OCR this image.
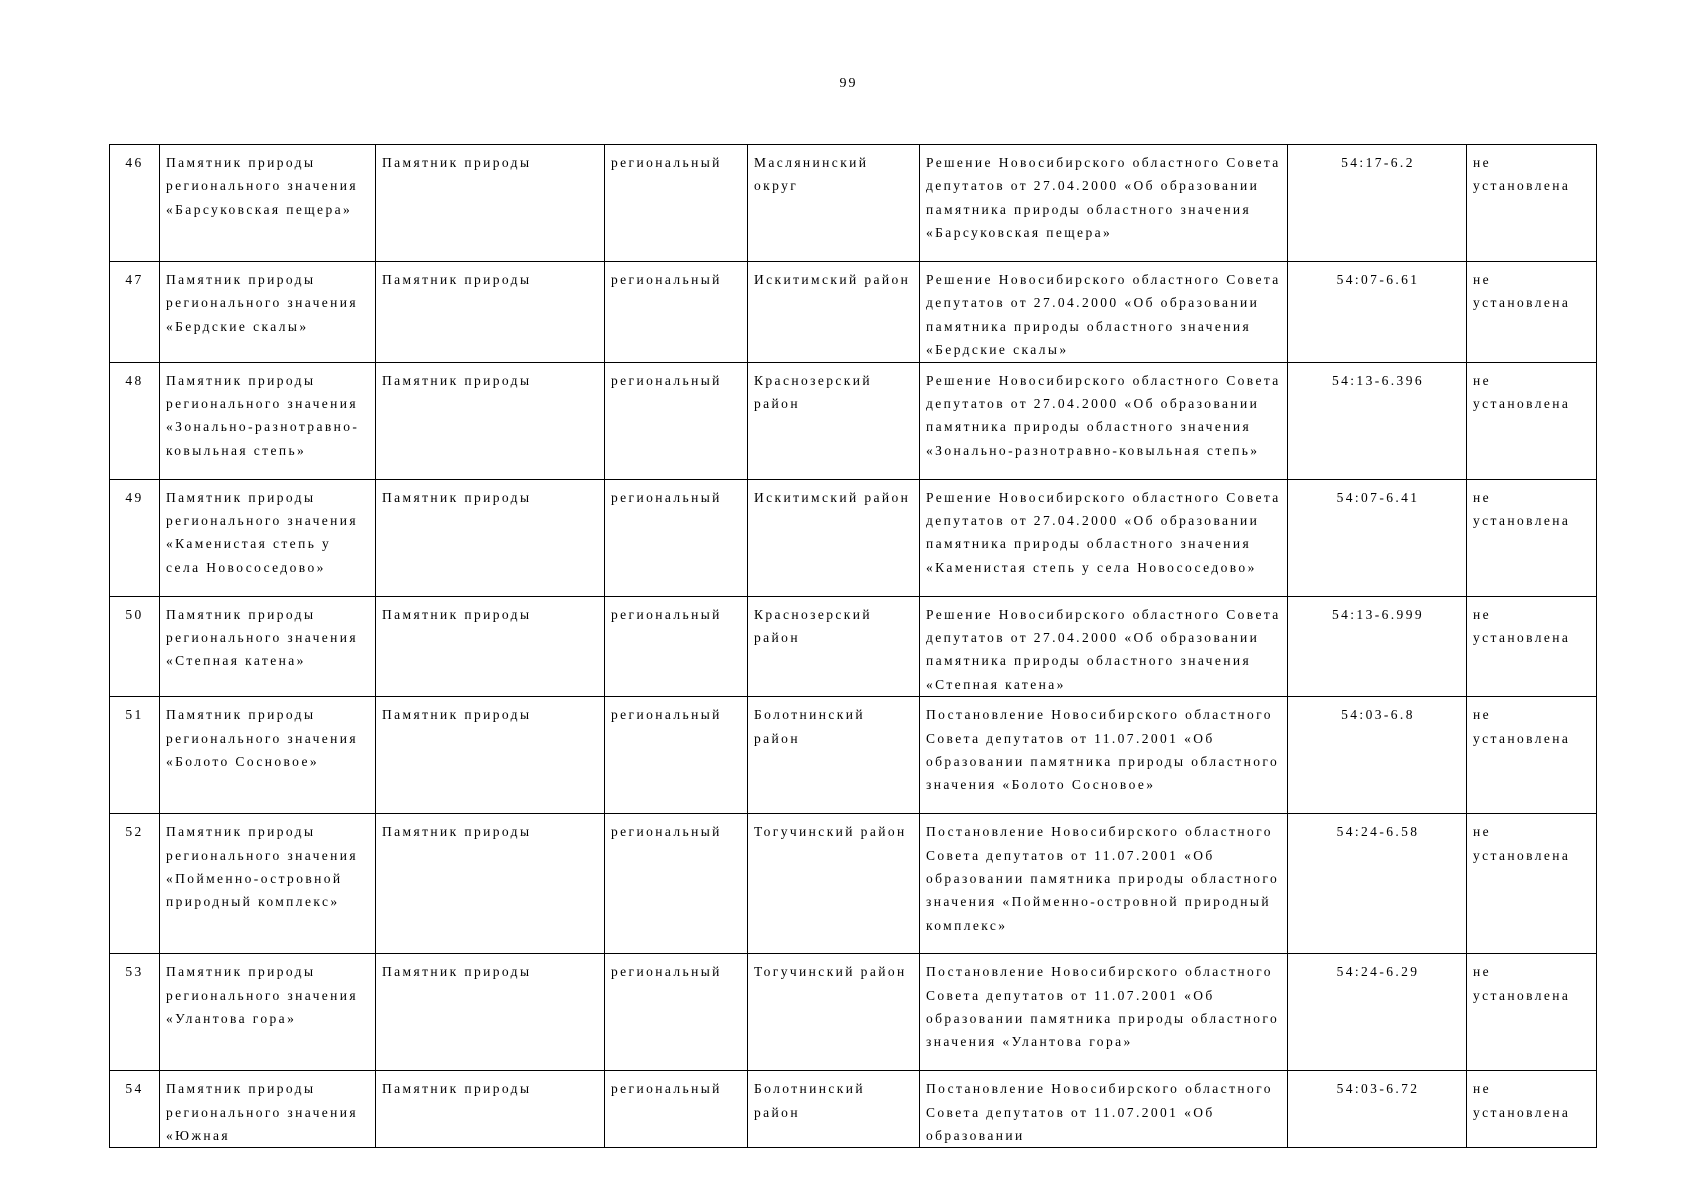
99
46	Памятник природы регионального значения «Барсуковская пещера»	Памятник природы	региональный	Маслянинский округ	Решение Новосибирского областного Совета депутатов от 27.04.2000 «Об образовании памятника природы областного значения «Барсуковская пещера»	54:17-6.2	не установлена
47	Памятник природы регионального значения «Бердские скалы»	Памятник природы	региональный	Искитимский район	Решение Новосибирского областного Совета депутатов от 27.04.2000 «Об образовании памятника природы областного значения «Бердские скалы»	54:07-6.61	не установлена
48	Памятник природы регионального значения «Зонально-разнотравно-ковыльная степь»	Памятник природы	региональный	Краснозерский район	Решение Новосибирского областного Совета депутатов от 27.04.2000 «Об образовании памятника природы областного значения «Зонально-разнотравно-ковыльная степь»	54:13-6.396	не установлена
49	Памятник природы регионального значения «Каменистая степь у села Новососедово»	Памятник природы	региональный	Искитимский район	Решение Новосибирского областного Совета депутатов от 27.04.2000 «Об образовании памятника природы областного значения «Каменистая степь у села Новососедово»	54:07-6.41	не установлена
50	Памятник природы регионального значения «Степная катена»	Памятник природы	региональный	Краснозерский район	Решение Новосибирского областного Совета депутатов от 27.04.2000 «Об образовании памятника природы областного значения «Степная катена»	54:13-6.999	не установлена
51	Памятник природы регионального значения «Болото Сосновое»	Памятник природы	региональный	Болотнинский район	Постановление Новосибирского областного Совета депутатов от 11.07.2001 «Об образовании памятника природы областного значения «Болото Сосновое»	54:03-6.8	не установлена
52	Памятник природы регионального значения «Пойменно-островной природный комплекс»	Памятник природы	региональный	Тогучинский район	Постановление Новосибирского областного Совета депутатов от 11.07.2001 «Об образовании памятника природы областного значения «Пойменно-островной природный комплекс»	54:24-6.58	не установлена
53	Памятник природы регионального значения «Улантова гора»	Памятник природы	региональный	Тогучинский район	Постановление Новосибирского областного Совета депутатов от 11.07.2001 «Об образовании памятника природы областного значения «Улантова гора»	54:24-6.29	не установлена
54	Памятник природы регионального значения «Южная	Памятник природы	региональный	Болотнинский район	Постановление Новосибирского областного Совета депутатов от 11.07.2001 «Об образовании	54:03-6.72	не установлена
